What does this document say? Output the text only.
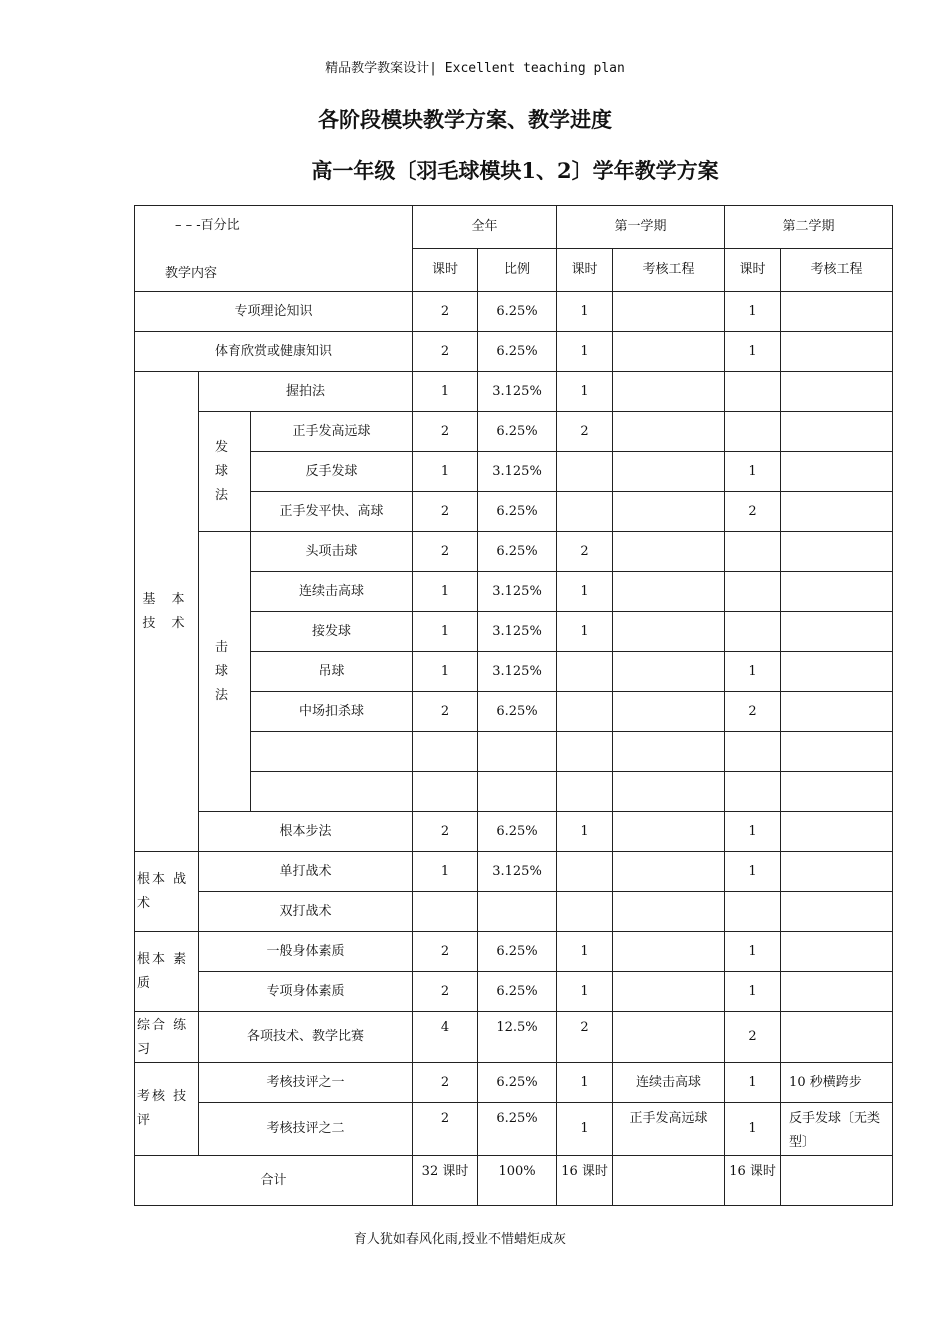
精品教学教案设计| Excellent teaching plan
各阶段模块教学方案、教学进度
高一年级〔羽毛球模块1、2〕学年教学方案
– – -百分比
教学内容			全年		第一学期		第二学期	
			课时	比例	课时	考核工程	课时	考核工程
专项理论知识			2	6.25%	1		1	
体育欣赏或健康知识			2	6.25%	1		1	
基 本 技 术	握拍法		1	3.125%	1			
	发 球 法	正手发高远球	2	6.25%	2			
		反手发球	1	3.125%			1	
		正手发平快、高球	2	6.25%			2	
	击 球 法	头项击球	2	6.25%	2			
		连续击高球	1	3.125%	1			
		接发球	1	3.125%	1			
		吊球	1	3.125%			1	
		中场扣杀球	2	6.25%			2	

	根本步法		2	6.25%	1		1	
根本 战术	单打战术		1	3.125%			1	
	双打战术							
根本 素质	一般身体素质		2	6.25%	1		1	
	专项身体素质		2	6.25%	1		1	
综合 练习	各项技术、教学比赛		4	12.5%	2		2	
考核 技评	考核技评之一		2	6.25%	1	连续击高球	1	10 秒横跨步
	考核技评之二		2	6.25%	1	正手发高远球	1	反手发球〔无类型〕
合计			32 课时	100%	16 课时		16 课时	
育人犹如春风化雨,授业不惜蜡炬成灰
